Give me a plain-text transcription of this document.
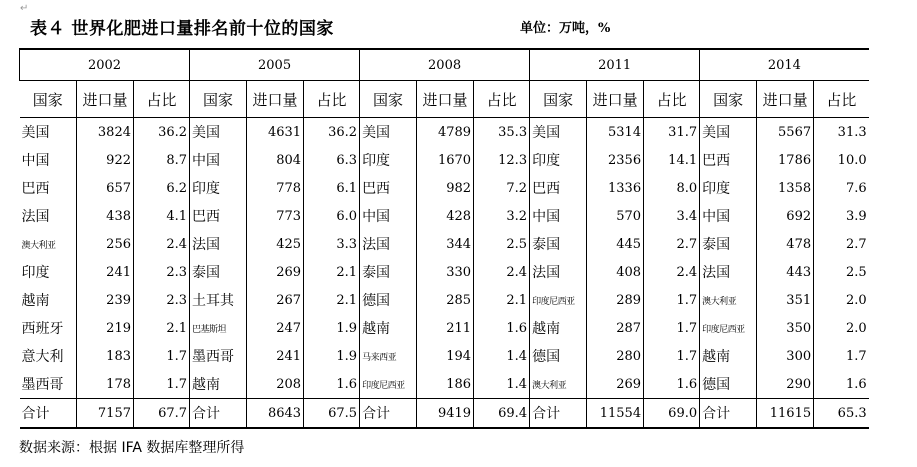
↵
表４ 世界化肥进口量排名前十位的国家	单位：万吨，%
2002			2005			2008			2011			2014		
国家	进口量	占比	国家	进口量	占比	国家	进口量	占比	国家	进口量	占比	国家	进口量	占比
美国	3824	36.2	美国	4631	36.2	美国	4789	35.3	美国	5314	31.7	美国	5567	31.3
中国	922	8.7	中国	804	6.3	印度	1670	12.3	印度	2356	14.1	巴西	1786	10.0
巴西	657	6.2	印度	778	6.1	巴西	982	7.2	巴西	1336	8.0	印度	1358	7.6
法国	438	4.1	巴西	773	6.0	中国	428	3.2	中国	570	3.4	中国	692	3.9
澳大利亚	256	2.4	法国	425	3.3	法国	344	2.5	泰国	445	2.7	泰国	478	2.7
印度	241	2.3	泰国	269	2.1	泰国	330	2.4	法国	408	2.4	法国	443	2.5
越南	239	2.3	土耳其	267	2.1	德国	285	2.1	印度尼西亚	289	1.7	澳大利亚	351	2.0
西班牙	219	2.1	巴基斯坦	247	1.9	越南	211	1.6	越南	287	1.7	印度尼西亚	350	2.0
意大利	183	1.7	墨西哥	241	1.9	马来西亚	194	1.4	德国	280	1.7	越南	300	1.7
墨西哥	178	1.7	越南	208	1.6	印度尼西亚	186	1.4	澳大利亚	269	1.6	德国	290	1.6
合计	7157	67.7	合计	8643	67.5	合计	9419	69.4	合计	11554	69.0	合计	11615	65.3
数据来源：根据 IFA 数据库整理所得
